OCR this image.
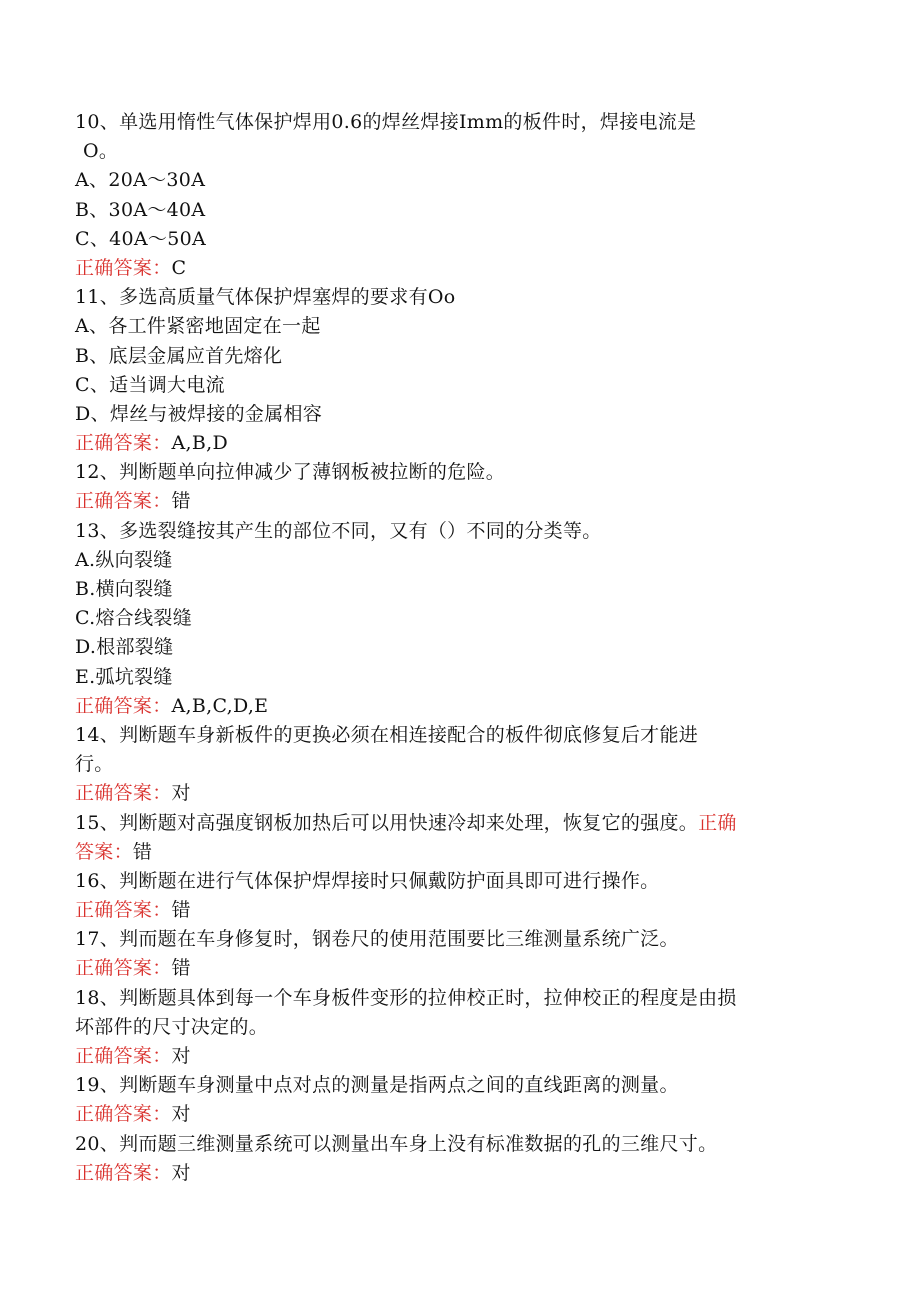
10、单选用惰性气体保护焊用0.6的焊丝焊接Imm的板件时，焊接电流是
O。
A、20A～30A
B、30A～40A
C、40A～50A
正确答案：C
11、多选高质量气体保护焊塞焊的要求有Oo
A、各工件紧密地固定在一起
B、底层金属应首先熔化
C、适当调大电流
D、焊丝与被焊接的金属相容
正确答案：A,B,D
12、判断题单向拉伸减少了薄钢板被拉断的危险。
正确答案：错
13、多选裂缝按其产生的部位不同，又有（）不同的分类等。
A.纵向裂缝
B.横向裂缝
C.熔合线裂缝
D.根部裂缝
E.弧坑裂缝
正确答案：A,B,C,D,E
14、判断题车身新板件的更换必须在相连接配合的板件彻底修复后才能进
行。
正确答案：对
15、判断题对高强度钢板加热后可以用快速冷却来处理，恢复它的强度。正确
答案：错
16、判断题在进行气体保护焊焊接时只佩戴防护面具即可进行操作。
正确答案：错
17、判而题在车身修复时，钢卷尺的使用范围要比三维测量系统广泛。
正确答案：错
18、判断题具体到每一个车身板件变形的拉伸校正时，拉伸校正的程度是由损
坏部件的尺寸决定的。
正确答案：对
19、判断题车身测量中点对点的测量是指两点之间的直线距离的测量。
正确答案：对
20、判而题三维测量系统可以测量出车身上没有标准数据的孔的三维尺寸。
正确答案：对
